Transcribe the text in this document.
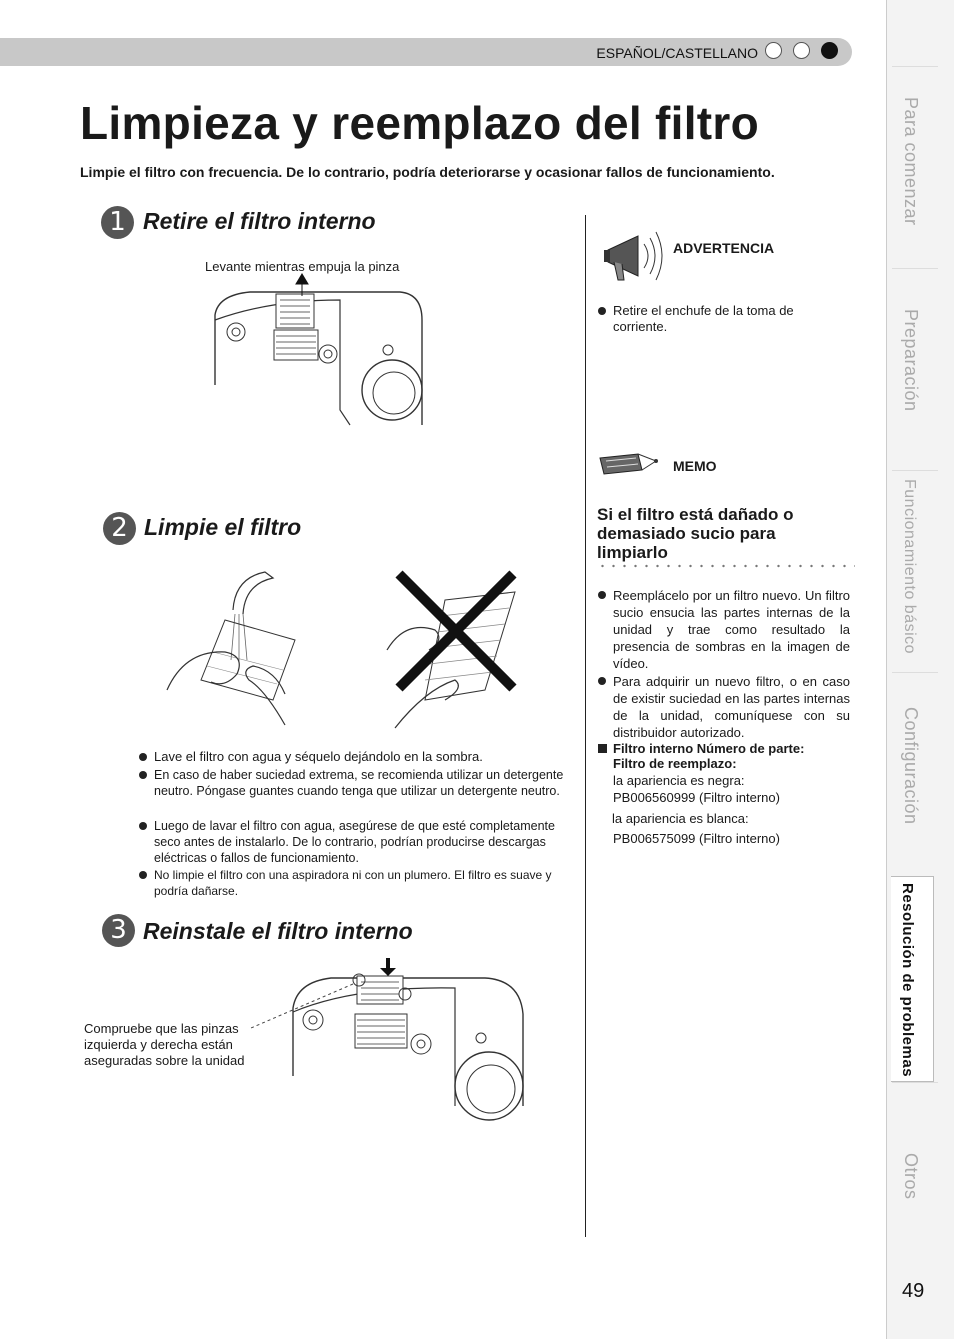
ESPAÑOL/CASTELLANO
Limpieza y reemplazo del filtro
Limpie el filtro con frecuencia. De lo contrario, podría deteriorarse y ocasionar fallos de funcionamiento.
1 Retire el filtro interno
Levante mientras empuja la pinza
2 Limpie el filtro
Lave el filtro con agua y séquelo dejándolo en la sombra.
En caso de haber suciedad extrema, se recomienda utilizar un detergente neutro. Póngase guantes cuando tenga que utilizar un detergente neutro.
Luego de lavar el filtro con agua, asegúrese de que esté completamente seco antes de instalarlo. De lo contrario, podrían producirse descargas eléctricas o fallos de funcionamiento.
No limpie el filtro con una aspiradora ni con un plumero. El filtro es suave y podría dañarse.
3 Reinstale el filtro interno
Compruebe que las pinzas izquierda y derecha están aseguradas sobre la unidad
ADVERTENCIA
Retire el enchufe de la toma de corriente.
MEMO
Si el filtro está dañado o demasiado sucio para limpiarlo
Reemplácelo por un filtro nuevo. Un filtro sucio ensucia las partes internas de la unidad y trae como resultado la presencia de sombras en la imagen de vídeo.
Para adquirir un nuevo filtro, o en caso de existir suciedad en las partes internas de la unidad, comuníquese con su distribuidor autorizado.
Filtro interno Número de parte:
Filtro de reemplazo:
la apariencia es negra:
PB006560999 (Filtro interno)
la apariencia es blanca:
PB006575099 (Filtro interno)
Para comenzar
Preparación
Funcionamiento básico
Configuración
Resolución de problemas
Otros
49
